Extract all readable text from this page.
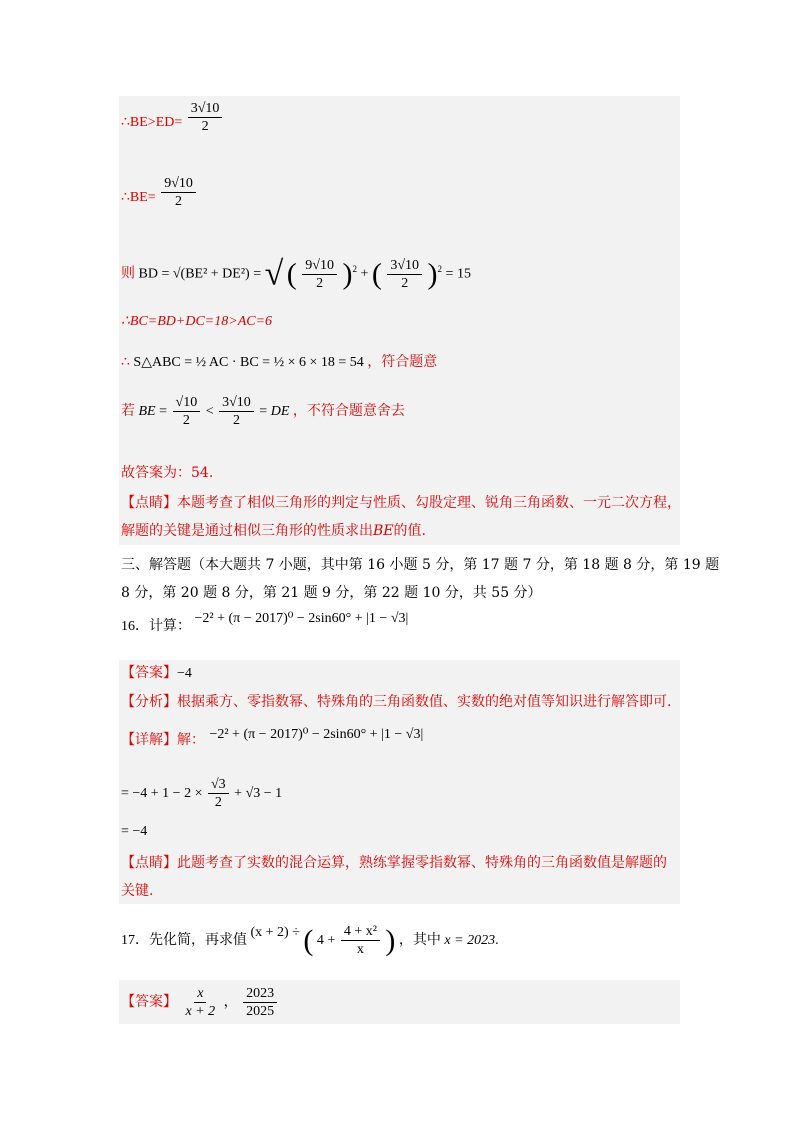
∴BE>ED= $\frac{3√10}{2}$
∴BE= $\frac{9√10}{2}$
则 BD = √(BE² + DE²) = √ ( $\frac{9√10}{2} )^2$ + ( $\frac{3√10}{2} )^2 = 15$
∴BC=BD+DC=18>AC=6
∴ S△ABC = ½ AC · BC = ½ × 6 × 18 = 54 ，符合题意
若 BE = $\frac{√10}{2} < \frac{3√10}{2}$ = DE ，不符合题意舍去
故答案为：54.
【点睛】本题考查了相似三角形的判定与性质、勾股定理、锐角三角函数、一元二次方程，
解题的关键是通过相似三角形的性质求出BE的值.
三、解答题（本大题共 7 小题，其中第 16 小题 5 分，第 17 题 7 分，第 18 题 8 分，第 19 题
8 分，第 20 题 8 分，第 21 题 9 分，第 22 题 10 分，共 55 分）
16．计算： −2² + (π − 2017)⁰ − 2sin60° + |1 − √3|
【答案】−4
【分析】根据乘方、零指数幂、特殊角的三角函数值、实数的绝对值等知识进行解答即可.
【详解】解： −2² + (π − 2017)⁰ − 2sin60° + |1 − √3|
= $-4 + 1 - 2 \times \frac{√3}{2} + √3 - 1$
= −4
【点睛】此题考查了实数的混合运算，熟练掌握零指数幂、特殊角的三角函数值是解题的
关键.
17．先化简，再求值 (x + 2) ÷ ( $4 + \frac{\text{4 + x²}}{x}$ ) ，其中 x = 2023.
【答案】 $\frac{x}{x + 2}$ ， $\frac{2023}{2025}$
